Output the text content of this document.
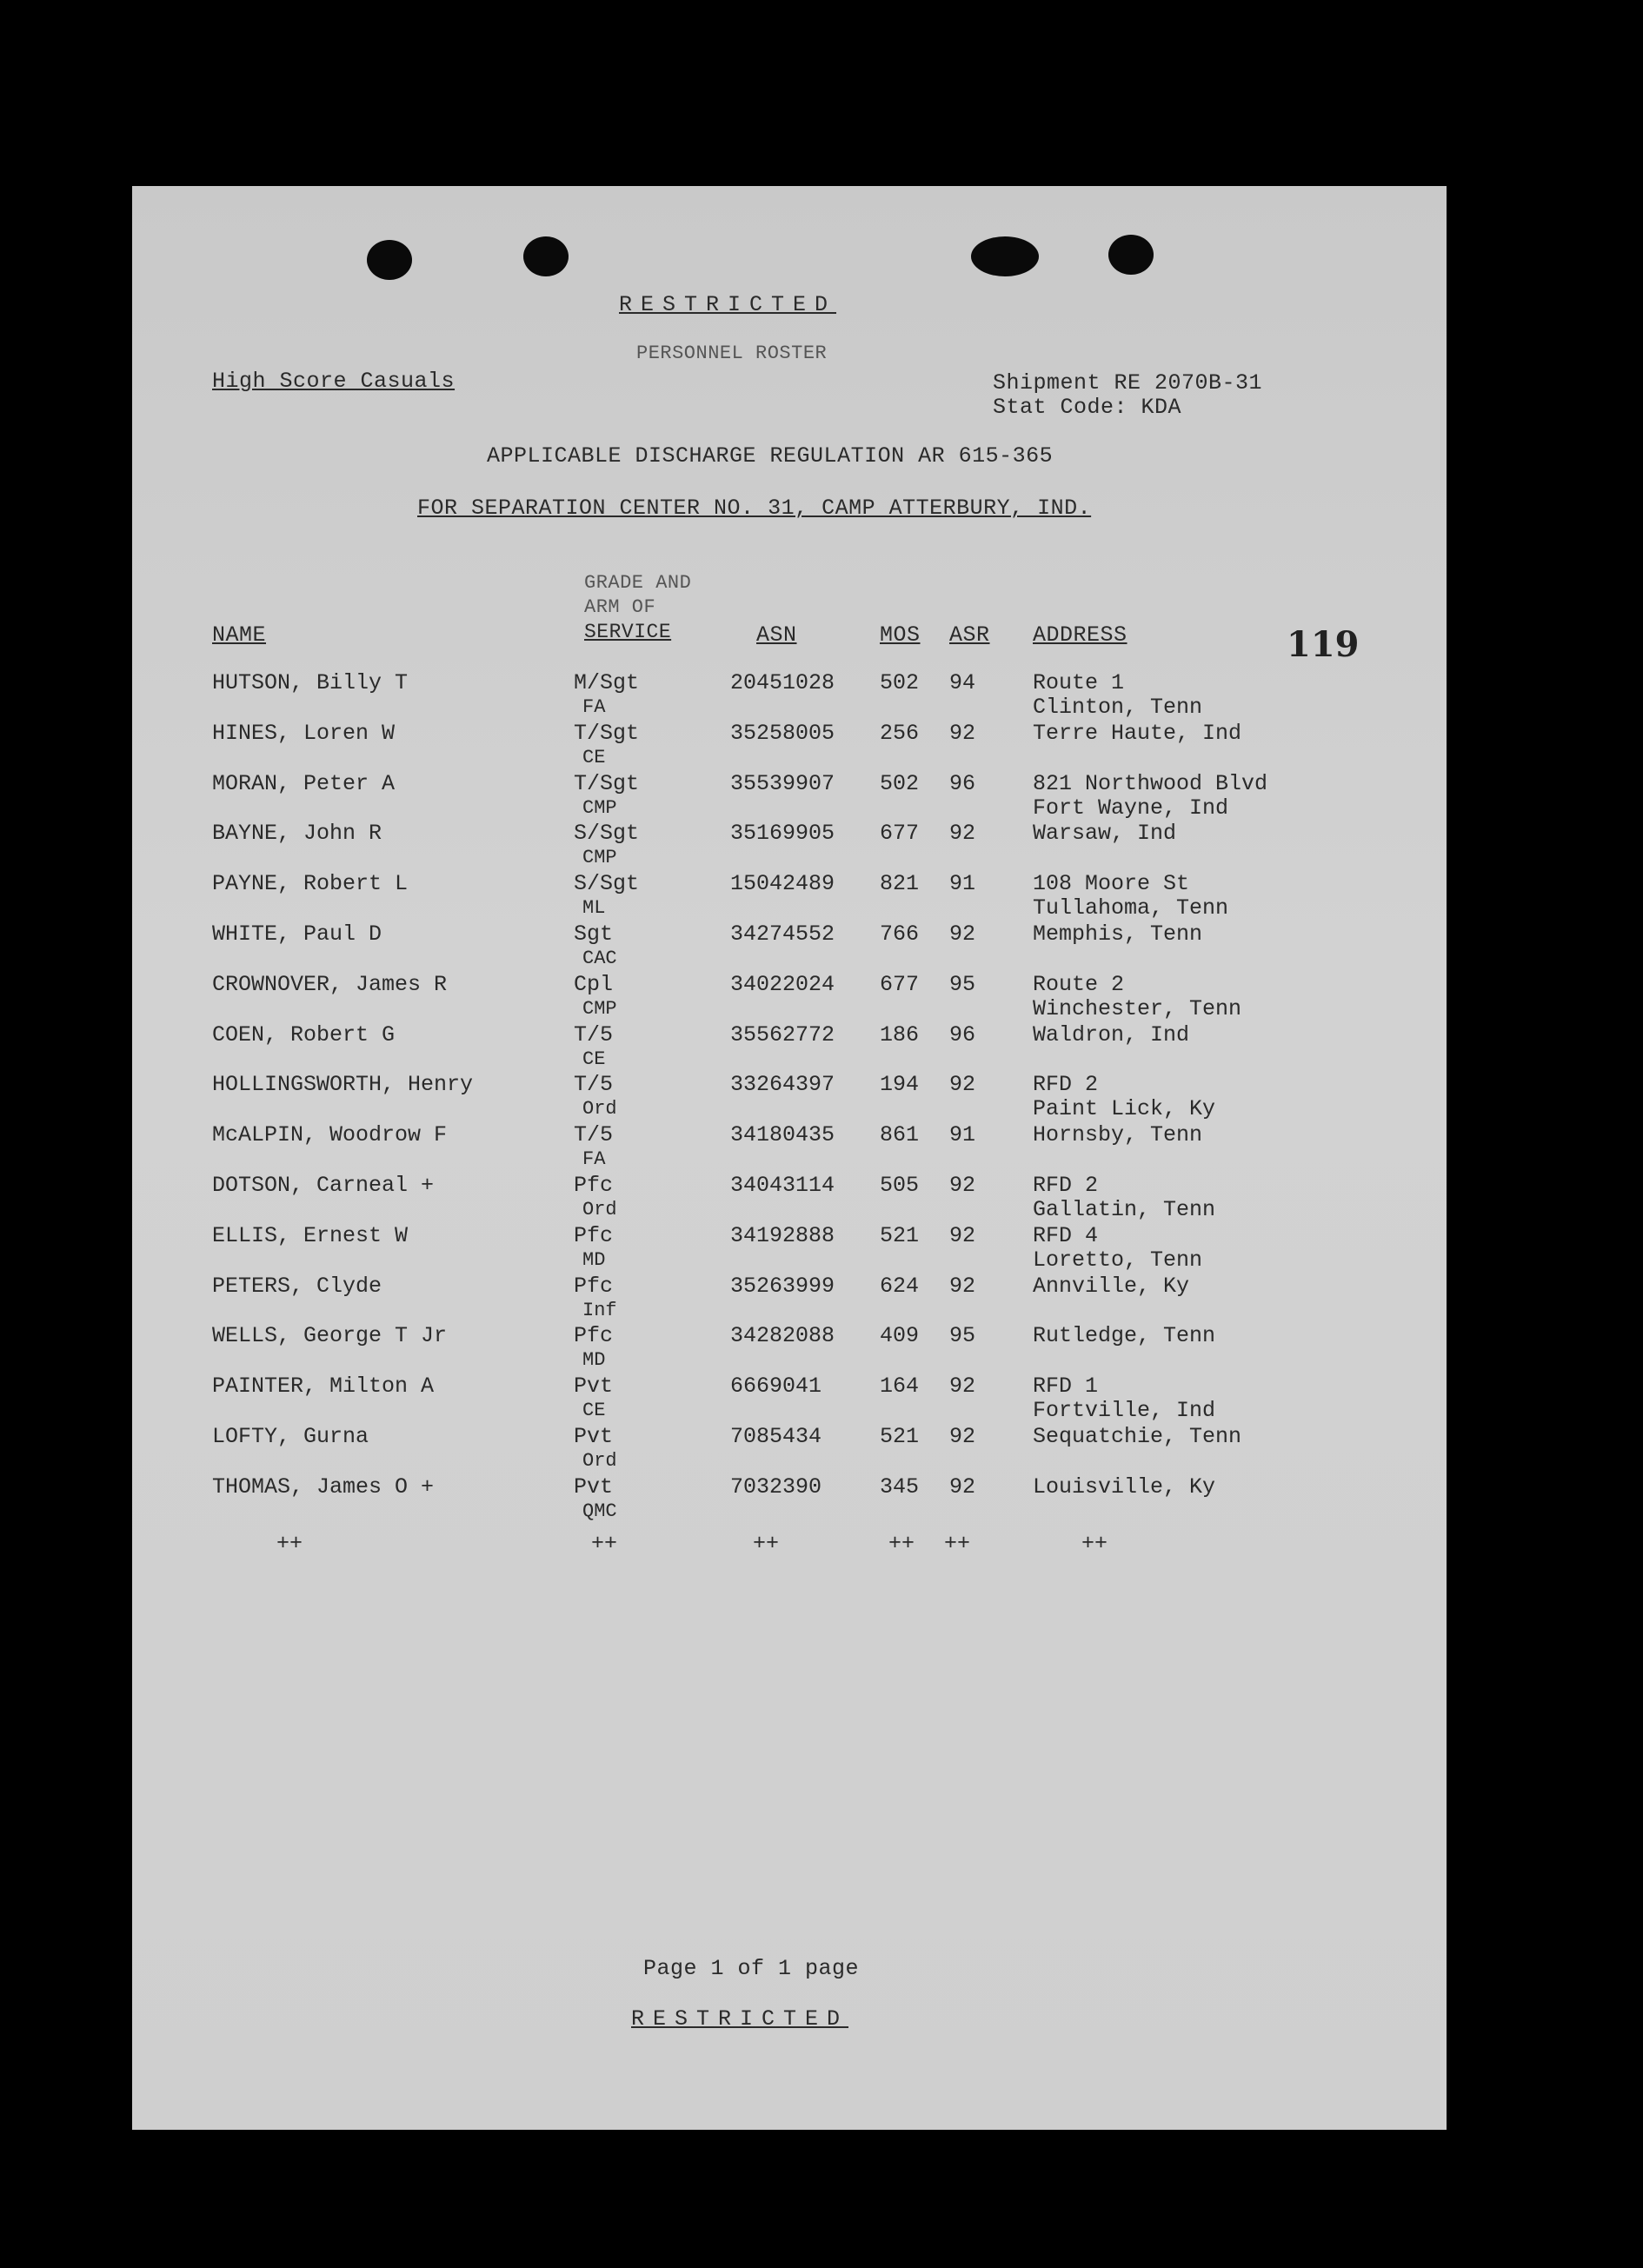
RESTRICTED
PERSONNEL ROSTER
High Score Casuals	Shipment RE 2070B-31
Stat Code: KDA
APPLICABLE DISCHARGE REGULATION AR 615-365
FOR SEPARATION CENTER NO. 31, CAMP ATTERBURY, IND.
119
GRADE AND
ARM OF
SERVICE
NAME	ASN	MOS ASR ADDRESS
HUTSON, Billy T	M/Sgt	20451028 502 94	Route 1
FA	Clinton, Tenn
HINES, Loren W	T/Sgt	35258005 256 92	Terre Haute, Ind
CE
MORAN, Peter A	T/Sgt	35539907 502 96	821 Northwood Blvd
CMP	Fort Wayne, Ind
BAYNE, John R	S/Sgt	35169905 677 92	Warsaw, Ind
CMP
PAYNE, Robert L	S/Sgt	15042489 821 91	108 Moore St
ML	Tullahoma, Tenn
WHITE, Paul D	Sgt	34274552 766 92	Memphis, Tenn
CAC
CROWNOVER, James R	Cpl	34022024 677 95	Route 2
CMP	Winchester, Tenn
COEN, Robert G	T/5	35562772 186 96	Waldron, Ind
CE
HOLLINGSWORTH, Henry	T/5	33264397 194 92	RFD 2
Ord	Paint Lick, Ky
McALPIN, Woodrow F	T/5	34180435 861 91	Hornsby, Tenn
FA
DOTSON, Carneal +	Pfc	34043114 505 92	RFD 2
Ord	Gallatin, Tenn
ELLIS, Ernest W	Pfc	34192888 521 92	RFD 4
MD	Loretto, Tenn
PETERS, Clyde	Pfc	35263999 624 92	Annville, Ky
Inf
WELLS, George T Jr	Pfc	34282088 409 95	Rutledge, Tenn
MD
PAINTER, Milton A	Pvt	6669041	164 92	RFD 1
CE	Fortville, Ind
LOFTY, Gurna	Pvt	7085434	521 92	Sequatchie, Tenn
Ord
THOMAS, James O +	Pvt	7032390	345 92	Louisville, Ky
QMC
++	++	++	++ ++	++
Page 1 of 1 page
RESTRICTED
